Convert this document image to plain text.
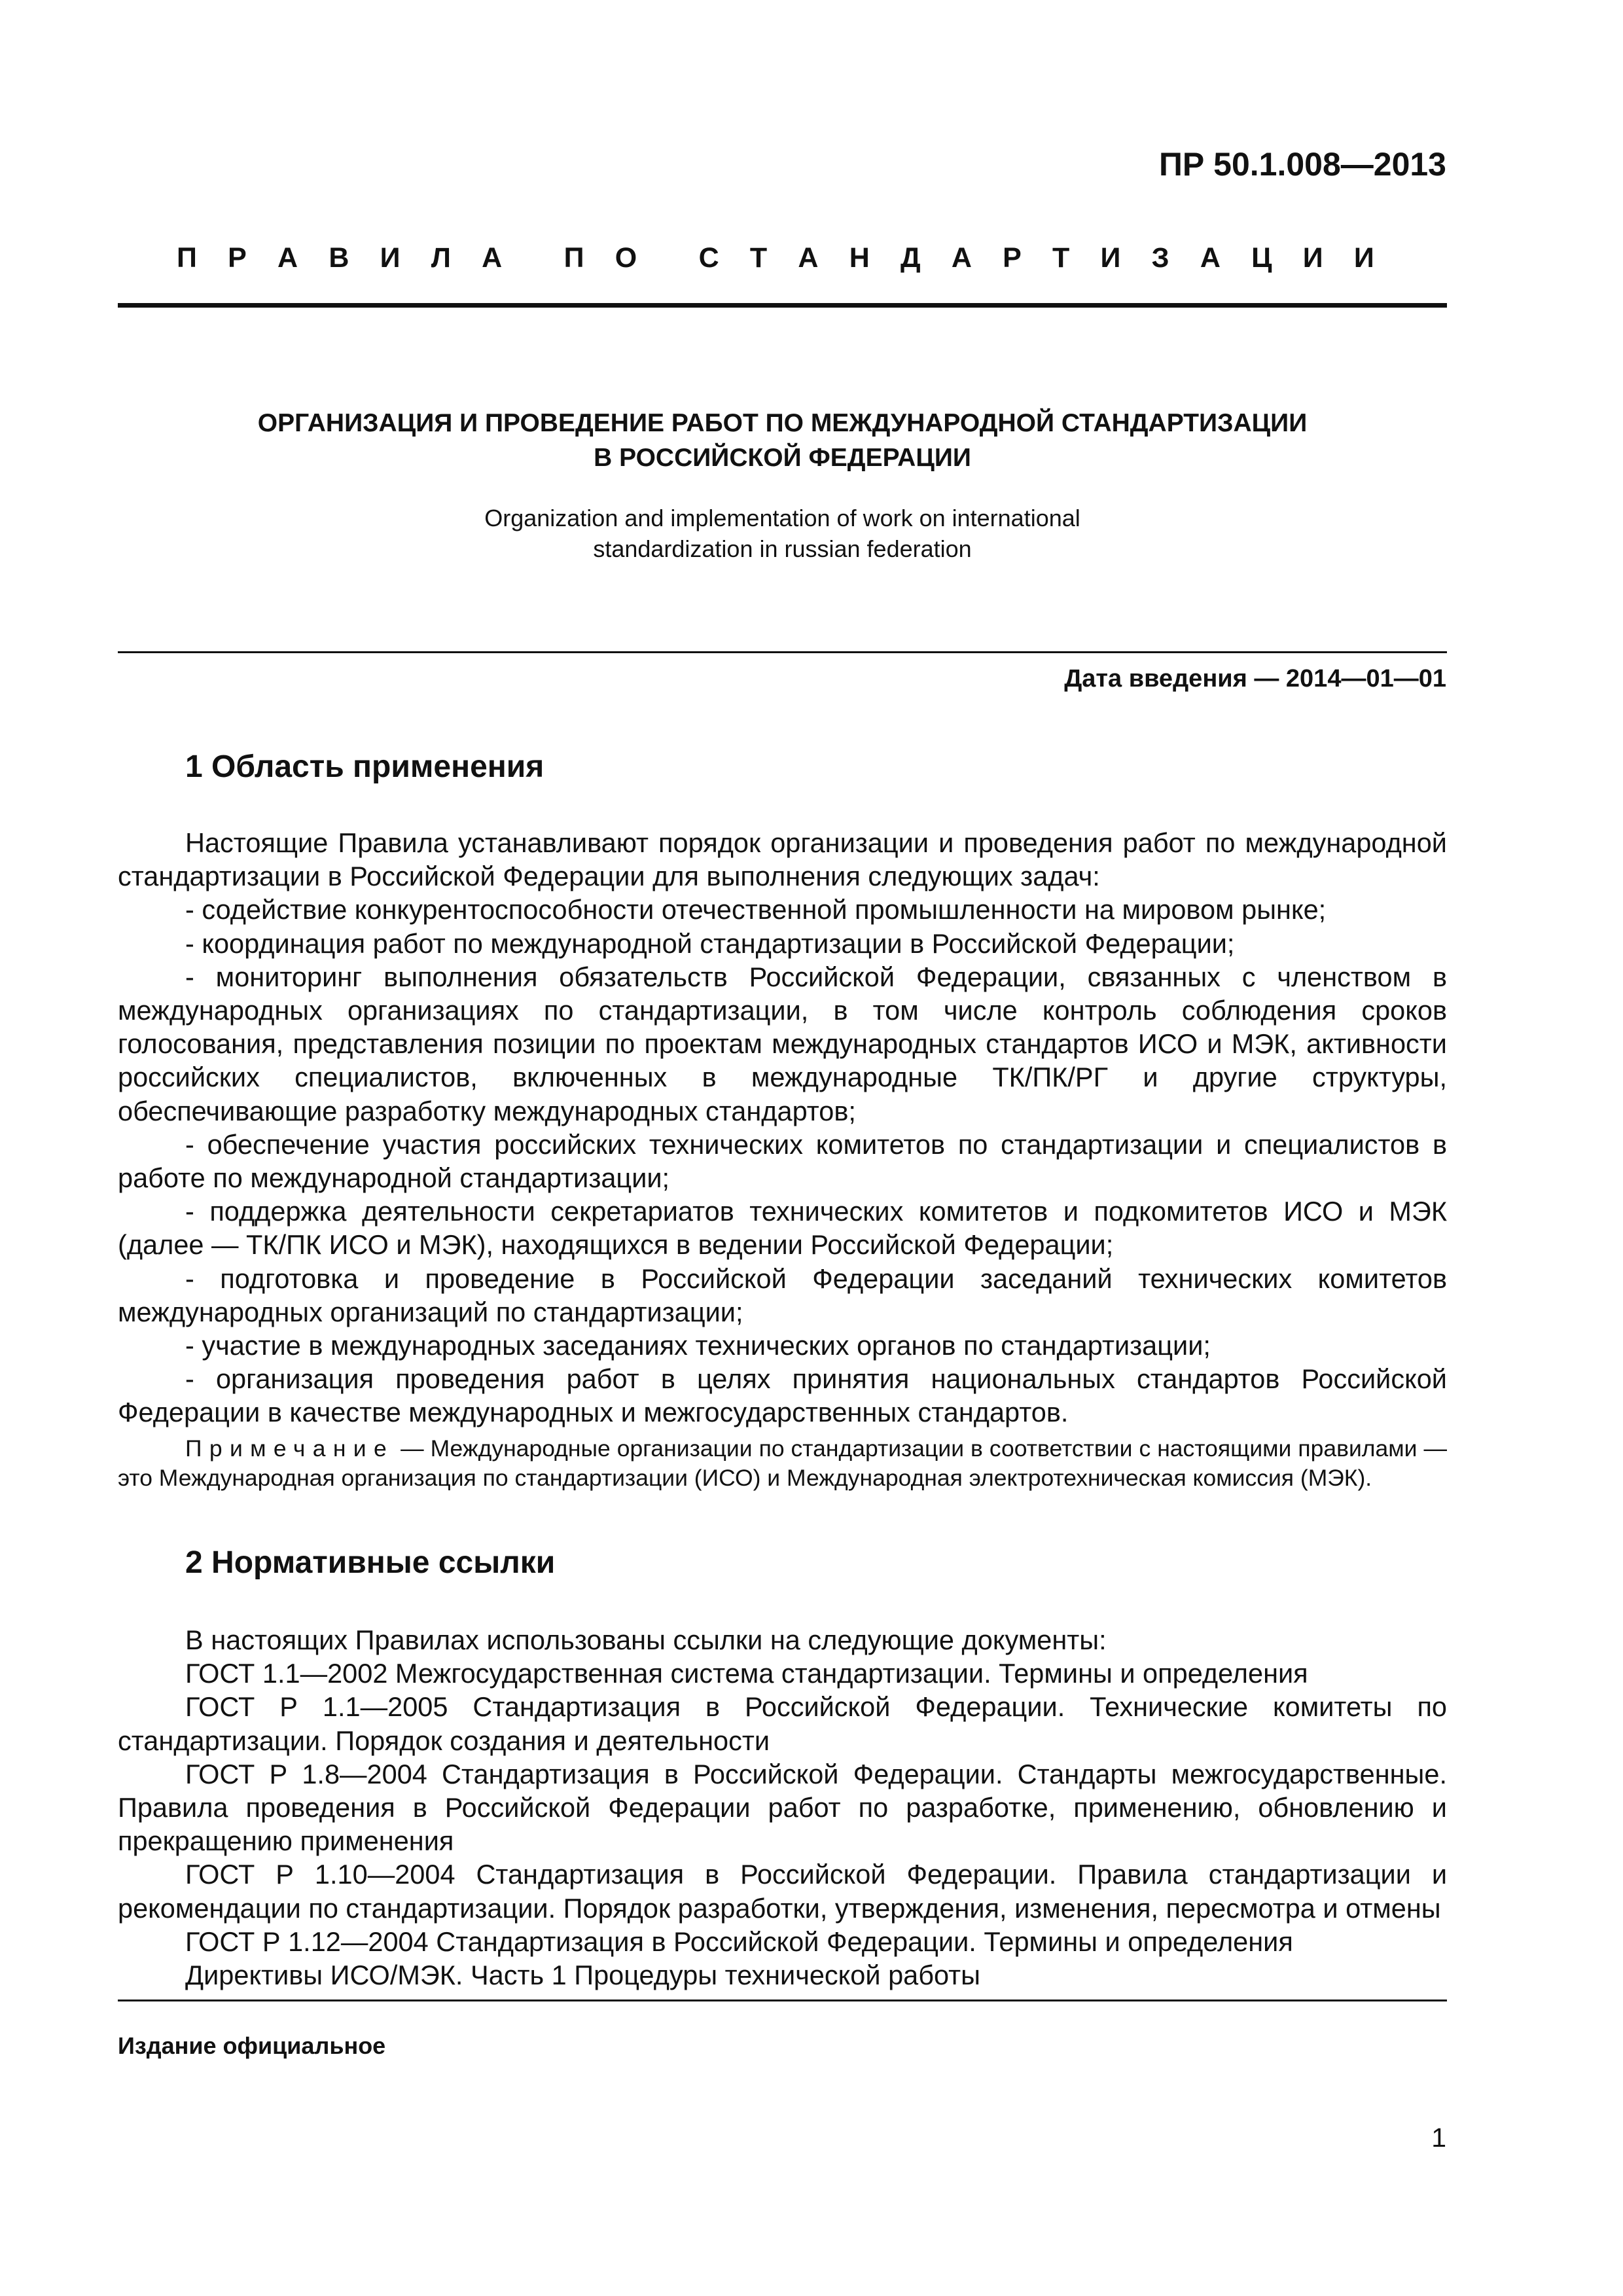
ПР 50.1.008—2013
П Р А В И Л А П О С Т А Н Д А Р Т И З А Ц И И
ОРГАНИЗАЦИЯ И ПРОВЕДЕНИЕ РАБОТ ПО МЕЖДУНАРОДНОЙ СТАНДАРТИЗАЦИИ
В РОССИЙСКОЙ ФЕДЕРАЦИИ
Organization and implementation of work on international
standardization in russian federation
Дата введения — 2014—01—01
1 Область применения

Настоящие Правила устанавливают порядок организации и проведения работ по международной стандартизации в Российской Федерации для выполнения следующих задач:

- содействие конкурентоспособности отечественной промышленности на мировом рынке;

- координация работ по международной стандартизации в Российской Федерации;

- мониторинг выполнения обязательств Российской Федерации, связанных с членством в международных организациях по стандартизации, в том числе контроль соблюдения сроков голосования, представления позиции по проектам международных стандартов ИСО и МЭК, активности российских специалистов, включенных в международные ТК/ПК/РГ и другие структуры, обеспечивающие разработку международных стандартов;

- обеспечение участия российских технических комитетов по стандартизации и специалистов в работе по международной стандартизации;

- поддержка деятельности секретариатов технических комитетов и подкомитетов ИСО и МЭК (далее — ТК/ПК ИСО и МЭК), находящихся в ведении Российской Федерации;

- подготовка и проведение в Российской Федерации заседаний технических комитетов международных организаций по стандартизации;

- участие в международных заседаниях технических органов по стандартизации;

- организация проведения работ в целях принятия национальных стандартов Российской Федерации в качестве международных и межгосударственных стандартов.

Примечание — Международные организации по стандартизации в соответствии с настоящими правилами — это Международная организация по стандартизации (ИСО) и Международная электротехническая комиссия (МЭК).
2 Нормативные ссылки

В настоящих Правилах использованы ссылки на следующие документы:

ГОСТ 1.1—2002 Межгосударственная система стандартизации. Термины и определения

ГОСТ Р 1.1—2005 Стандартизация в Российской Федерации. Технические комитеты по стандартизации. Порядок создания и деятельности

ГОСТ Р 1.8—2004 Стандартизация в Российской Федерации. Стандарты межгосударственные. Правила проведения в Российской Федерации работ по разработке, применению, обновлению и прекращению применения

ГОСТ Р 1.10—2004 Стандартизация в Российской Федерации. Правила стандартизации и рекомендации по стандартизации. Порядок разработки, утверждения, изменения, пересмотра и отмены

ГОСТ Р 1.12—2004 Стандартизация в Российской Федерации. Термины и определения

Директивы ИСО/МЭК. Часть 1 Процедуры технической работы

Издание официальное
1
